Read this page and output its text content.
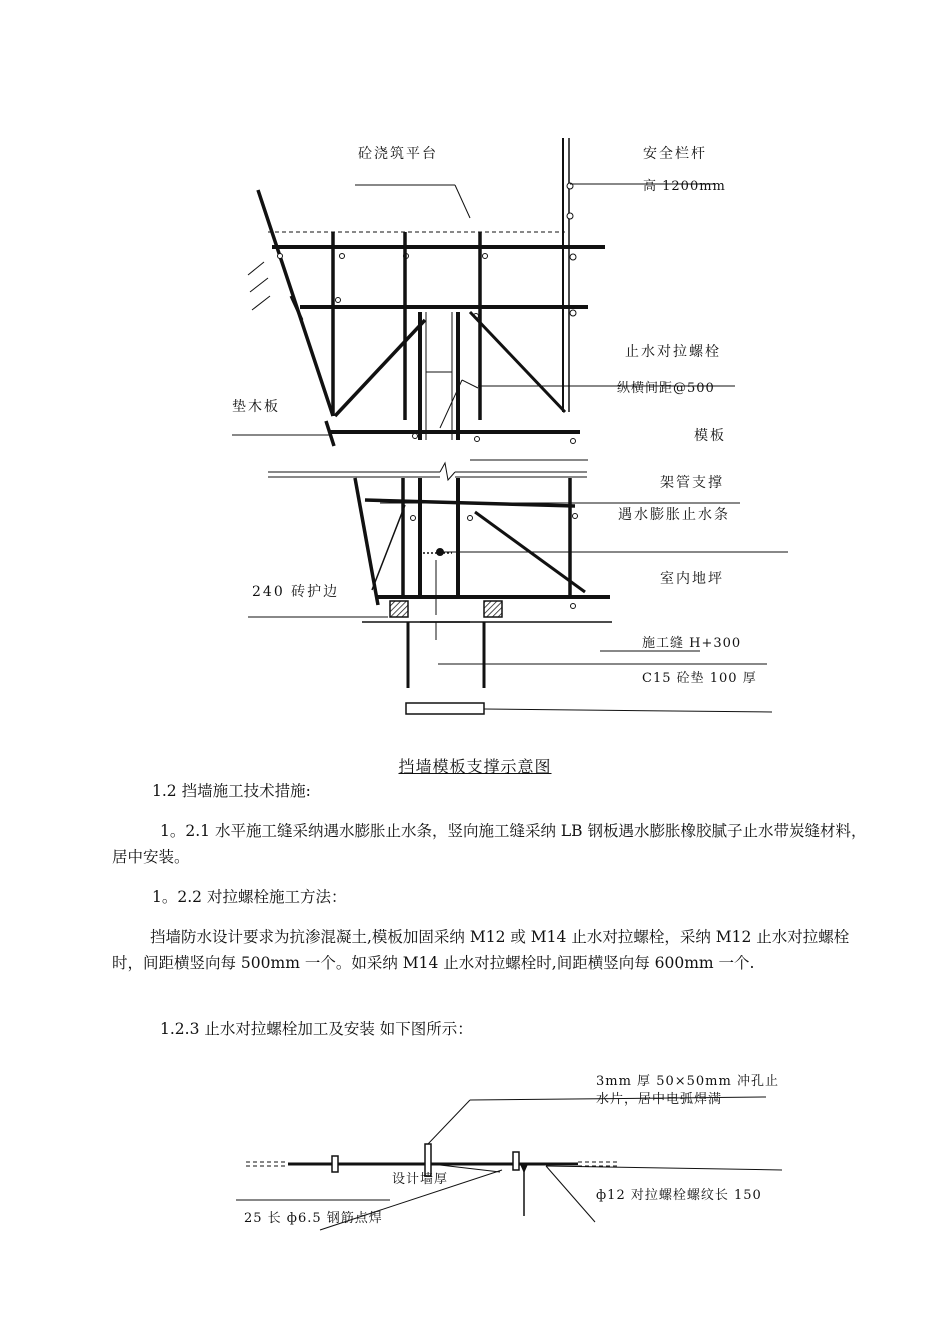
砼浇筑平台	安全栏杆
高 1200mm
止水对拉螺栓
纵横间距@500
垫木板
模板
架管支撑
遇水膨胀止水条
室内地坪
240 砖护边
施工缝 H+300
C15 砼垫 100 厚
挡墙模板支撑示意图

1.2 挡墙施工技术措施:

1。2.1 水平施工缝采纳遇水膨胀止水条，竖向施工缝采纳 LB 钢板遇水膨胀橡胶腻子止水带炭缝材料，居中安装。

1。2.2 对拉螺栓施工方法：

挡墙防水设计要求为抗渗混凝土,模板加固采纳 M12 或 M14 止水对拉螺栓，采纳 M12 止水对拉螺栓时，间距横竖向每 500mm 一个。如采纳 M14 止水对拉螺栓时,间距横竖向每 600mm 一个.

1.2.3 止水对拉螺栓加工及安装 如下图所示：

3mm 厚 50×50mm 冲孔止
水片，居中电弧焊满
设计墙厚
ф12 对拉螺栓螺纹长 150
25 长 ф6.5 钢筋点焊
